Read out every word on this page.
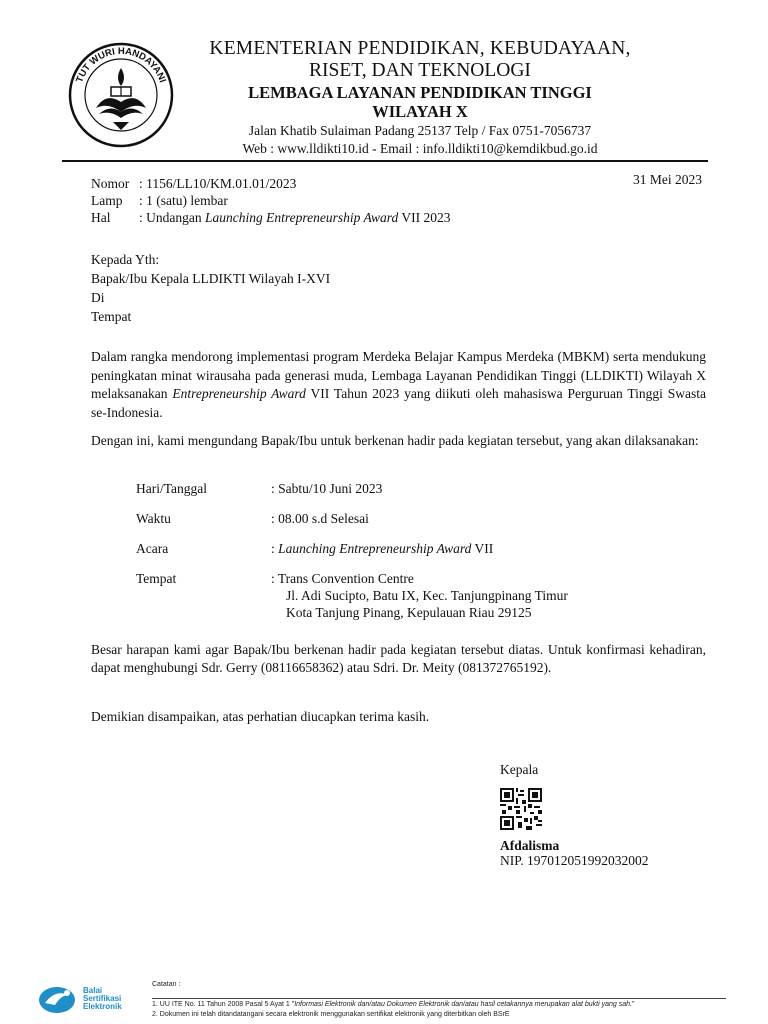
TUT WURI HANDAYANI
KEMENTERIAN PENDIDIKAN, KEBUDAYAAN,
RISET, DAN TEKNOLOGI
LEMBAGA LAYANAN PENDIDIKAN TINGGI
WILAYAH X
Jalan Khatib Sulaiman Padang 25137 Telp / Fax 0751-7056737
Web : www.lldikti10.id - Email : info.lldikti10@kemdikbud.go.id
31 Mei 2023
Nomor : 1156/LL10/KM.01.01/2023
Lamp : 1 (satu) lembar
Hal : Undangan Launching Entrepreneurship Award VII 2023
Kepada Yth:
Bapak/Ibu Kepala LLDIKTI Wilayah I-XVI
Di
Tempat
Dalam rangka mendorong implementasi program Merdeka Belajar Kampus Merdeka (MBKM) serta mendukung peningkatan minat wirausaha pada generasi muda, Lembaga Layanan Pendidikan Tinggi (LLDIKTI) Wilayah X melaksanakan Entrepreneurship Award VII Tahun 2023 yang diikuti oleh mahasiswa Perguruan Tinggi Swasta se-Indonesia.
Dengan ini, kami mengundang Bapak/Ibu untuk berkenan hadir pada kegiatan tersebut, yang akan dilaksanakan:
Hari/Tanggal	: Sabtu/10 Juni 2023
Waktu	: 08.00 s.d Selesai
Acara	: Launching Entrepreneurship Award VII
Tempat	: Trans Convention Centre
Jl. Adi Sucipto, Batu IX, Kec. Tanjungpinang Timur
Kota Tanjung Pinang, Kepulauan Riau 29125
Besar harapan kami agar Bapak/Ibu berkenan hadir pada kegiatan tersebut diatas. Untuk konfirmasi kehadiran, dapat menghubungi Sdr. Gerry (08116658362) atau Sdri. Dr. Meity (081372765192).
Demikian disampaikan, atas perhatian diucapkan terima kasih.
Kepala
Afdalisma
NIP. 197012051992032002
Balai
Sertifikasi
Elektronik
Catatan :
1. UU ITE No. 11 Tahun 2008 Pasal 5 Ayat 1 "Informasi Elektronik dan/atau Dokumen Elektronik dan/atau hasil cetakannya merupakan alat bukti yang sah."
2. Dokumen ini telah ditandatangani secara elektronik menggunakan sertifikat elektronik yang diterbitkan oleh BSrE
